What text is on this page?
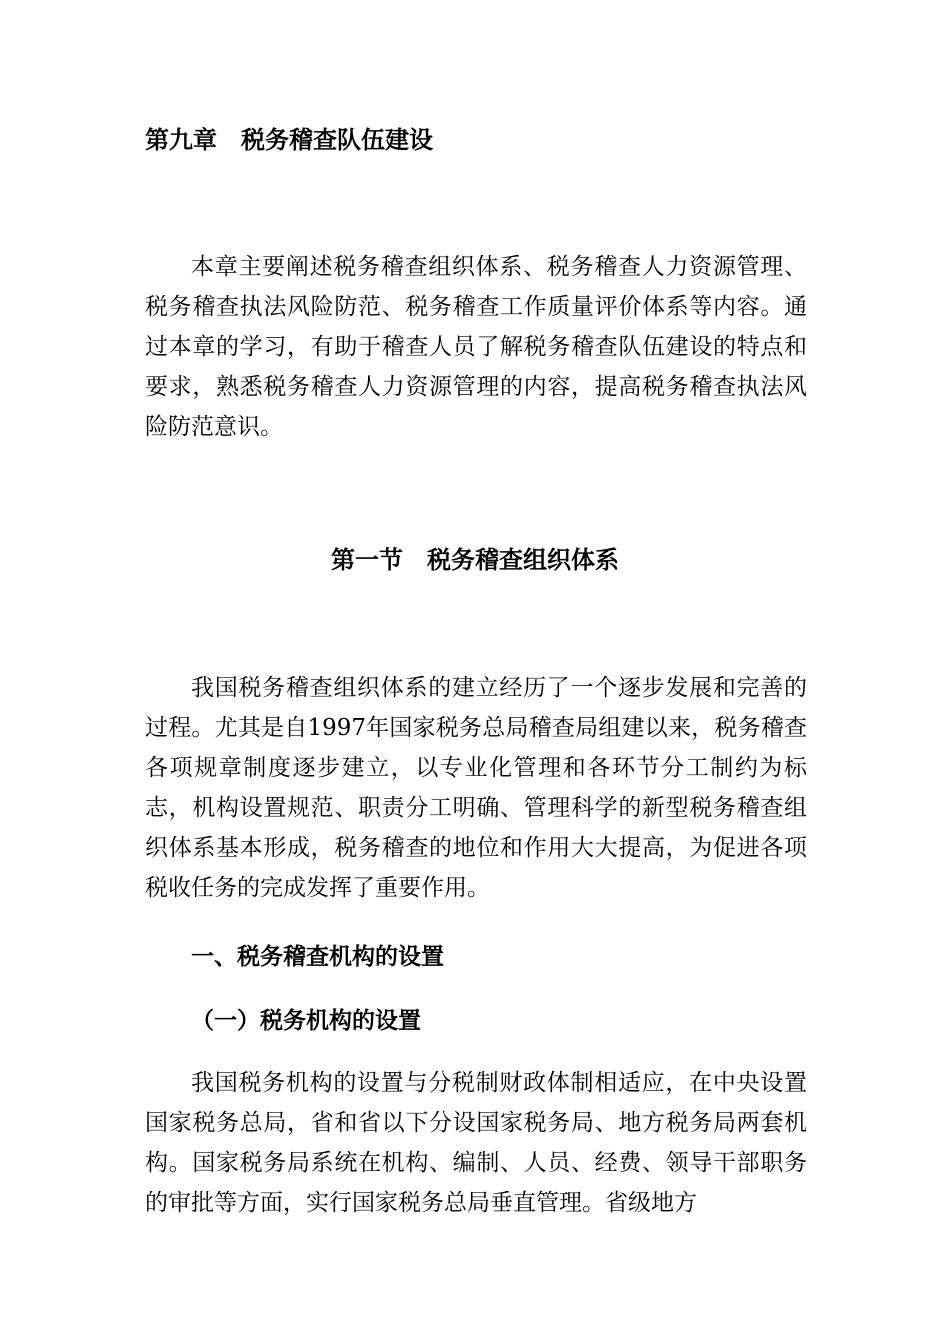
第九章　税务稽查队伍建设

本章主要阐述税务稽查组织体系、税务稽查人力资源管理、税务稽查执法风险防范、税务稽查工作质量评价体系等内容。通过本章的学习，有助于稽查人员了解税务稽查队伍建设的特点和要求，熟悉税务稽查人力资源管理的内容，提高税务稽查执法风险防范意识。

第一节　税务稽查组织体系

我国税务稽查组织体系的建立经历了一个逐步发展和完善的过程。尤其是自1997年国家税务总局稽查局组建以来，税务稽查各项规章制度逐步建立，以专业化管理和各环节分工制约为标志，机构设置规范、职责分工明确、管理科学的新型税务稽查组织体系基本形成，税务稽查的地位和作用大大提高，为促进各项税收任务的完成发挥了重要作用。

一、税务稽查机构的设置
（一）税务机构的设置

我国税务机构的设置与分税制财政体制相适应，在中央设置国家税务总局，省和省以下分设国家税务局、地方税务局两套机构。国家税务局系统在机构、编制、人员、经费、领导干部职务的审批等方面，实行国家税务总局垂直管理。省级地方
